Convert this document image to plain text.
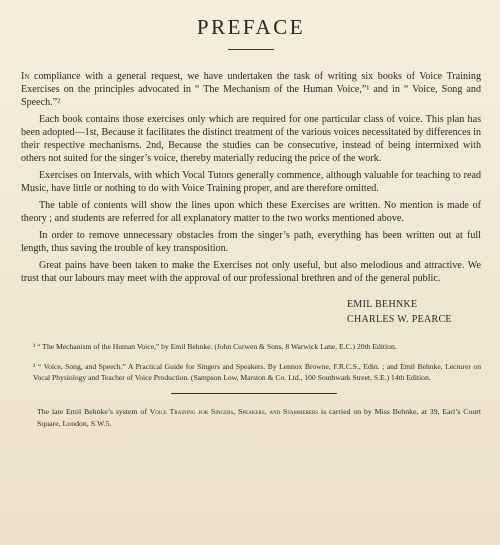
PREFACE

In compliance with a general request, we have undertaken the task of writing six books of Voice Training Exercises on the principles advocated in “ The Mechanism of the Human Voice,”¹ and in “ Voice, Song and Speech.”²

Each book contains those exercises only which are required for one particular class of voice. This plan has been adopted—1st, Because it facilitates the distinct treatment of the various voices necessitated by differences in their respective mechanisms. 2nd, Because the studies can be consecutive, instead of being intermixed with others not suited for the singer’s voice, thereby materially reducing the price of the work.

Exercises on Intervals, with which Vocal Tutors generally commence, although valuable for teaching to read Music, have little or nothing to do with Voice Training proper, and are therefore omitted.

The table of contents will show the lines upon which these Exercises are written. No mention is made of theory ; and students are referred for all explanatory matter to the two works mentioned above.

In order to remove unnecessary obstacles from the singer’s path, everything has been written out at full length, thus saving the trouble of key transposition.

Great pains have been taken to make the Exercises not only useful, but also melodious and attractive. We trust that our labours may meet with the approval of our professional brethren and of the general public.

EMIL BEHNKE
CHARLES W. PEARCE

¹ “ The Mechanism of the Human Voice,” by Emil Behnke. (John Curwen & Sons, 8 Warwick Lane, E.C.) 20th Edition.

² “ Voice, Song, and Speech.” A Practical Guide for Singers and Speakers. By Lennox Browne, F.R.C.S., Edin. ; and Emil Behnke, Lecturer on Vocal Physiology and Teacher of Voice Production. (Sampson Low, Marston & Co. Ltd., 100 Southwark Street, S.E.) 14th Edition.

The late Emil Behnke’s system of Voice Training for Singers, Speakers, and Stammerers is carried on by Miss Behnke, at 39, Earl’s Court Square, London, S.W.5.
